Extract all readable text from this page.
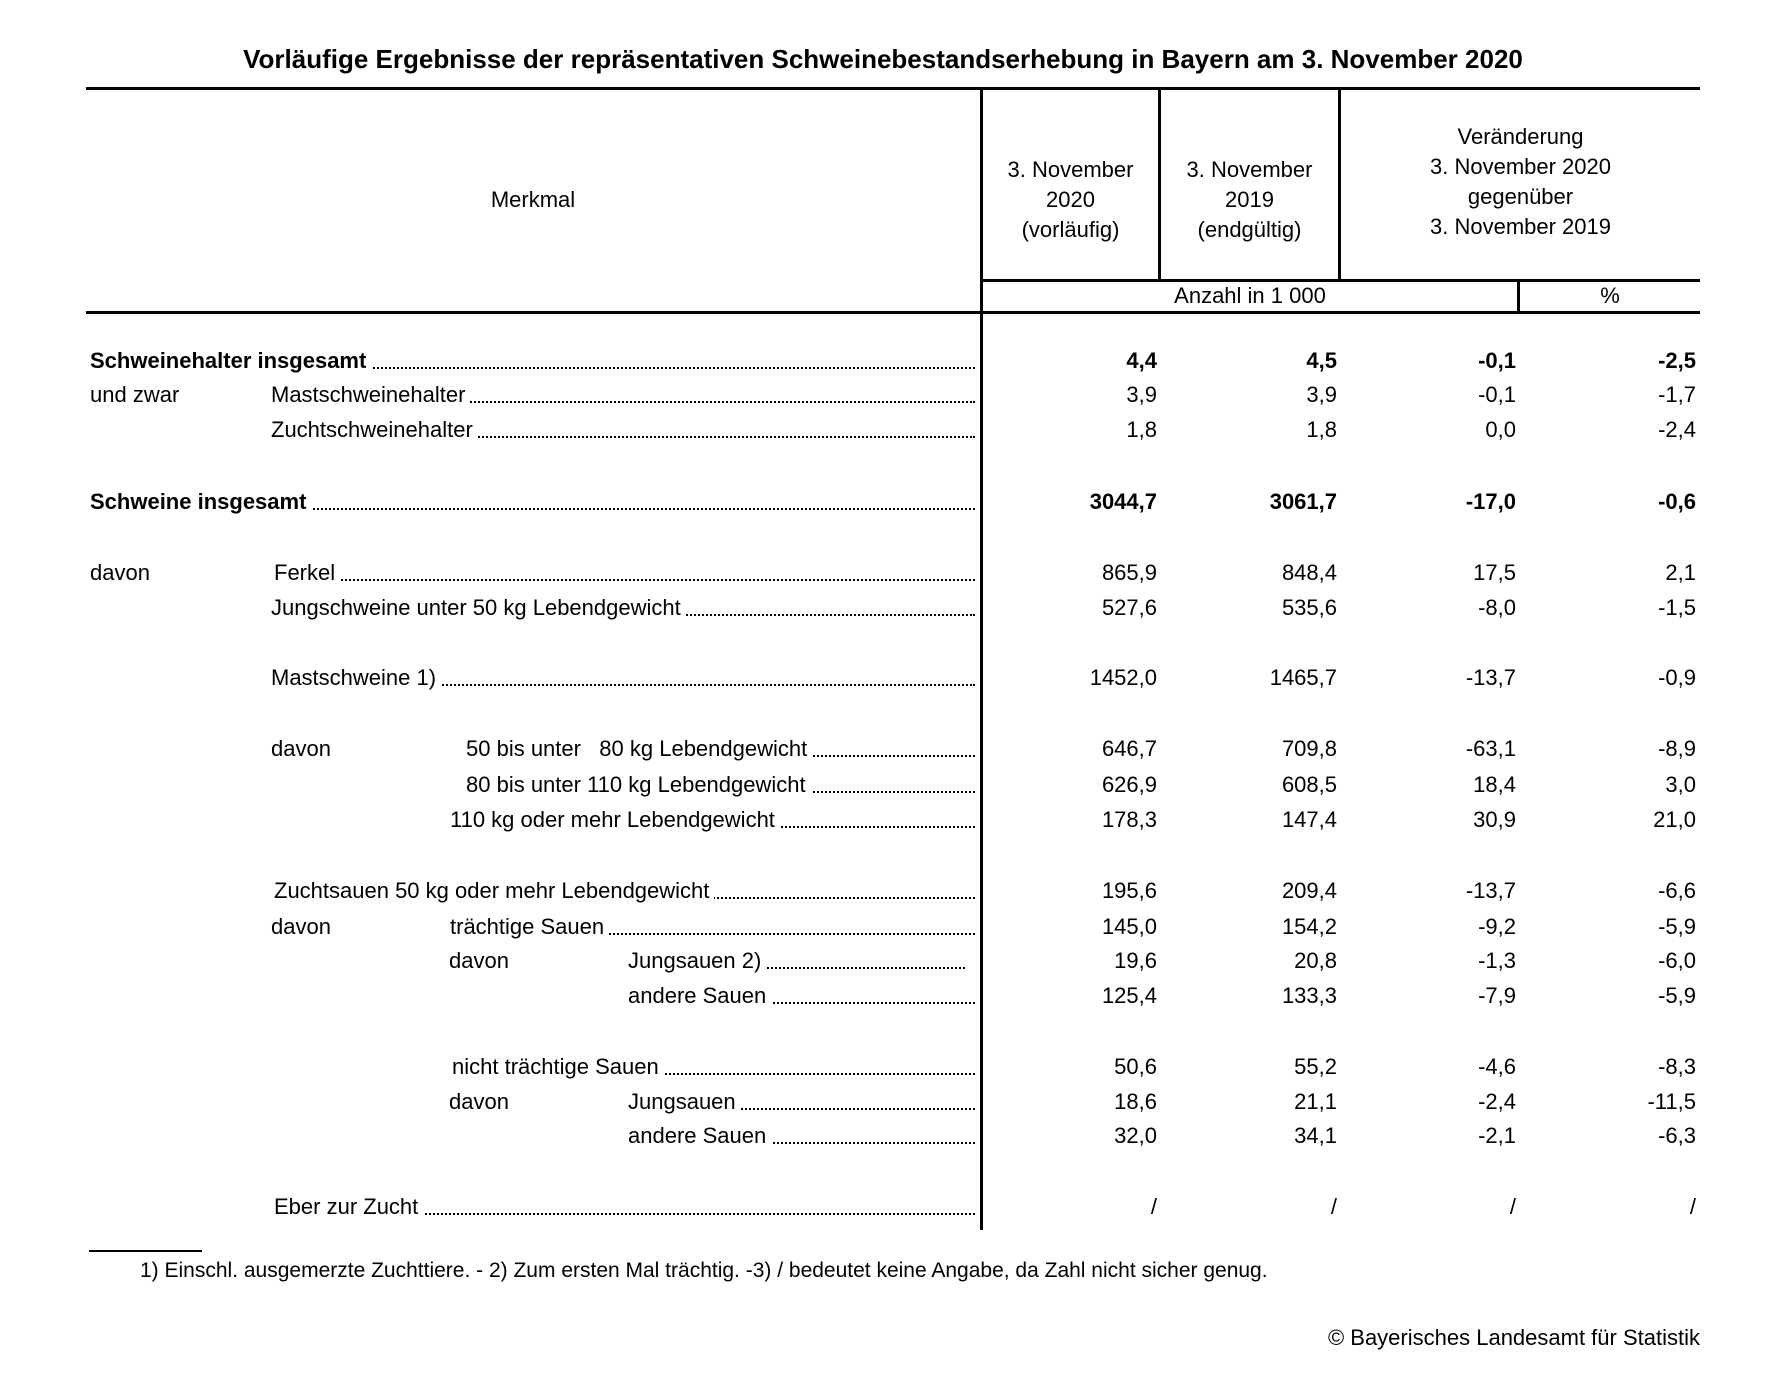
Vorläufige Ergebnisse der repräsentativen Schweinebestandserhebung in Bayern am 3. November 2020
Merkmal
3. November
2020
(vorläufig)
3. November
2019
(endgültig)
Veränderung
3. November 2020
gegenüber
3. November 2019
Anzahl in 1 000	%
Schweinehalter insgesamt	4,4	4,5	-0,1	-2,5
und zwar	Mastschweinehalter	3,9	3,9	-0,1	-1,7
Zuchtschweinehalter	1,8	1,8	0,0	-2,4
Schweine insgesamt	3044,7	3061,7	-17,0	-0,6
davon	Ferkel	865,9	848,4	17,5	2,1
Jungschweine unter 50 kg Lebendgewicht	527,6	535,6	-8,0	-1,5
Mastschweine 1)	1452,0	1465,7	-13,7	-0,9
davon	50 bis unter   80 kg Lebendgewicht	646,7	709,8	-63,1	-8,9
80 bis unter 110 kg Lebendgewicht	626,9	608,5	18,4	3,0
110 kg oder mehr Lebendgewicht	178,3	147,4	30,9	21,0
Zuchtsauen 50 kg oder mehr Lebendgewicht	195,6	209,4	-13,7	-6,6
davon	trächtige Sauen	145,0	154,2	-9,2	-5,9
davon	Jungsauen 2)	19,6	20,8	-1,3	-6,0
andere Sauen	125,4	133,3	-7,9	-5,9
nicht trächtige Sauen	50,6	55,2	-4,6	-8,3
davon	Jungsauen	18,6	21,1	-2,4	-11,5
andere Sauen	32,0	34,1	-2,1	-6,3
Eber zur Zucht	/	/	/	/
1) Einschl. ausgemerzte Zuchttiere. - 2) Zum ersten Mal trächtig. -3) / bedeutet keine Angabe, da Zahl nicht sicher genug.
© Bayerisches Landesamt für Statistik
